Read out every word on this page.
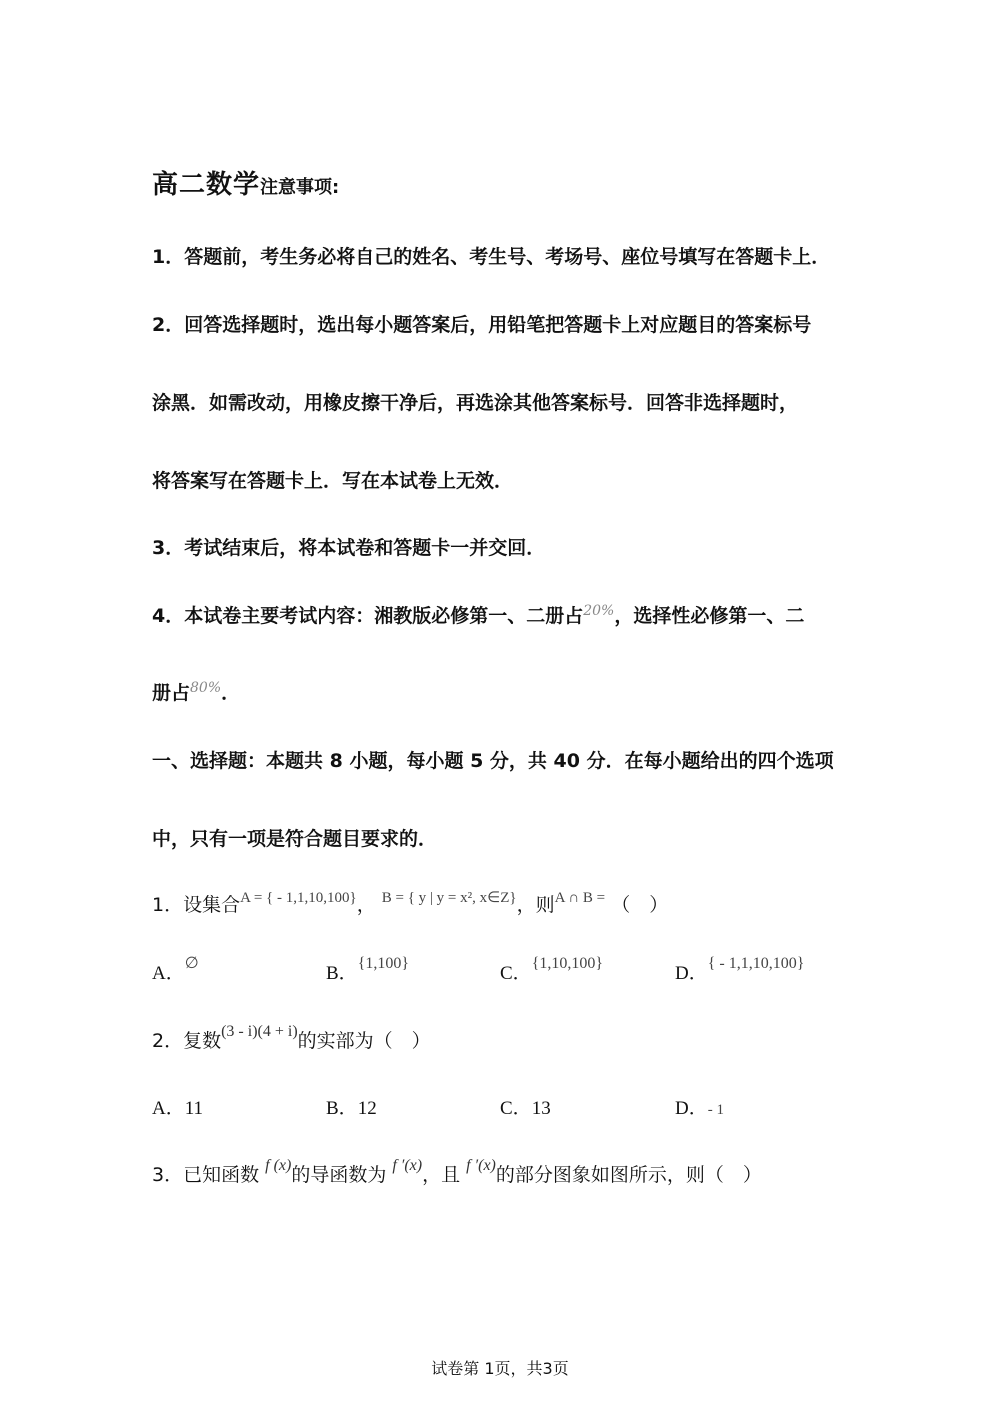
高二数学注意事项:
1．答题前，考生务必将自己的姓名、考生号、考场号、座位号填写在答题卡上．
2．回答选择题时，选出每小题答案后，用铅笔把答题卡上对应题目的答案标号
涂黑．如需改动，用橡皮擦干净后，再选涂其他答案标号．回答非选择题时，
将答案写在答题卡上．写在本试卷上无效．
3．考试结束后，将本试卷和答题卡一并交回．
4．本试卷主要考试内容：湘教版必修第一、二册占$^{20\%}$，选择性必修第一、二
册占$^{80\%}$．
一、选择题：本题共 8 小题，每小题 5 分，共 40 分．在每小题给出的四个选项
中，只有一项是符合题目要求的．
1．设集合$^{A = \{ - 1,1,10,100\}}$， $^{B = \{ y | y = x^2, x\in Z\}}$，则$^{A \cap B =}$ （　）
A．∅	B．$^{\{1,100\}}$	C．$^{\{1,10,100\}}$	D．$^{\{ - 1,1,10,100\}}$
2．复数$^{(3 - i)(4 + i)}$的实部为（　）
A．11	B．12	C．13	D．- 1
3．已知函数 $^{f (x)}$的导函数为 $^{f '(x)}$，且 $^{f '(x)}$的部分图象如图所示，则（　）
试卷第 1页，共3页
